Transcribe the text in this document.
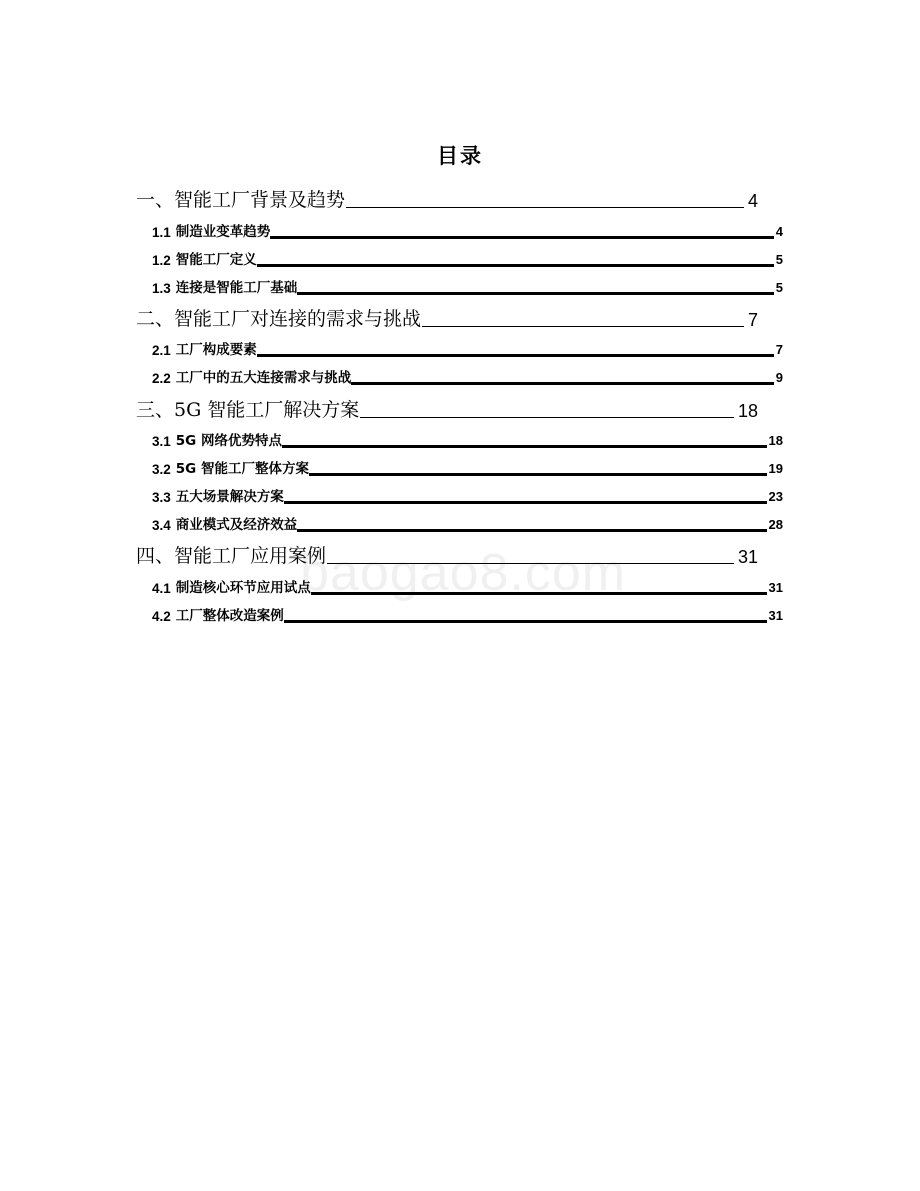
目录
一、智能工厂背景及趋势	4
1.1 制造业变革趋势	4
1.2 智能工厂定义	5
1.3 连接是智能工厂基础	5
二、智能工厂对连接的需求与挑战	7
2.1 工厂构成要素	7
2.2 工厂中的五大连接需求与挑战	9
三、5G 智能工厂解决方案	18
3.1 5G 网络优势特点	18
3.2 5G 智能工厂整体方案	19
3.3 五大场景解决方案	23
3.4 商业模式及经济效益	28
四、智能工厂应用案例	31
4.1 制造核心环节应用试点	31
4.2 工厂整体改造案例	31
baogao8.com
